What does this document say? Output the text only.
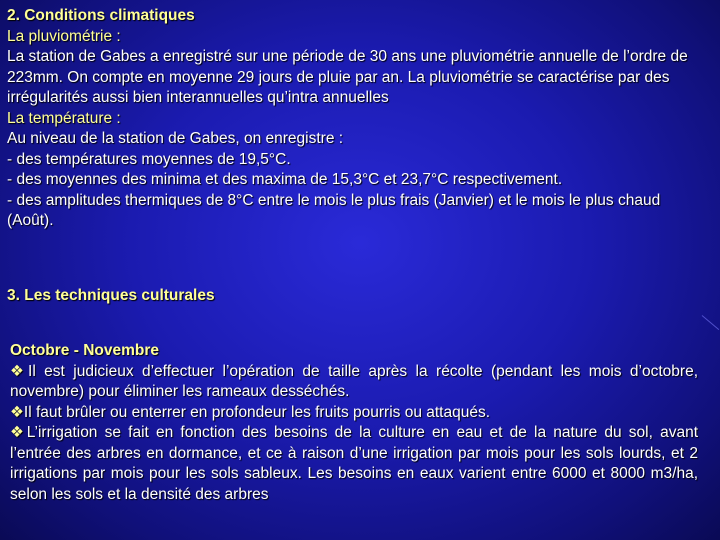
2. Conditions climatiques

La pluviométrie :

La station de Gabes a enregistré sur une période de 30 ans une pluviométrie annuelle de l’ordre de 223mm. On compte en moyenne 29 jours de pluie par an. La pluviométrie se caractérise par des irrégularités aussi bien interannuelles qu’intra annuelles

La température :

Au niveau de la station de Gabes, on enregistre :

- des températures moyennes de 19,5°C.

- des moyennes des minima et des maxima de 15,3°C et 23,7°C respectivement.

- des amplitudes thermiques de 8°C entre le mois le plus frais (Janvier) et le mois le plus chaud (Août).

3. Les techniques culturales

Octobre - Novembre

❖Il est judicieux d’effectuer l’opération de taille après la récolte (pendant les mois d’octobre, novembre) pour éliminer les rameaux desséchés.

❖Il faut brûler ou enterrer en profondeur les fruits pourris ou attaqués.

❖L’irrigation se fait en fonction des besoins de la culture en eau et de la nature du sol, avant l’entrée des arbres en dormance, et ce à raison d’une irrigation par mois pour les sols lourds, et 2 irrigations par mois pour les sols sableux. Les besoins en eaux varient entre 6000 et 8000 m3/ha, selon les sols et la densité des arbres
